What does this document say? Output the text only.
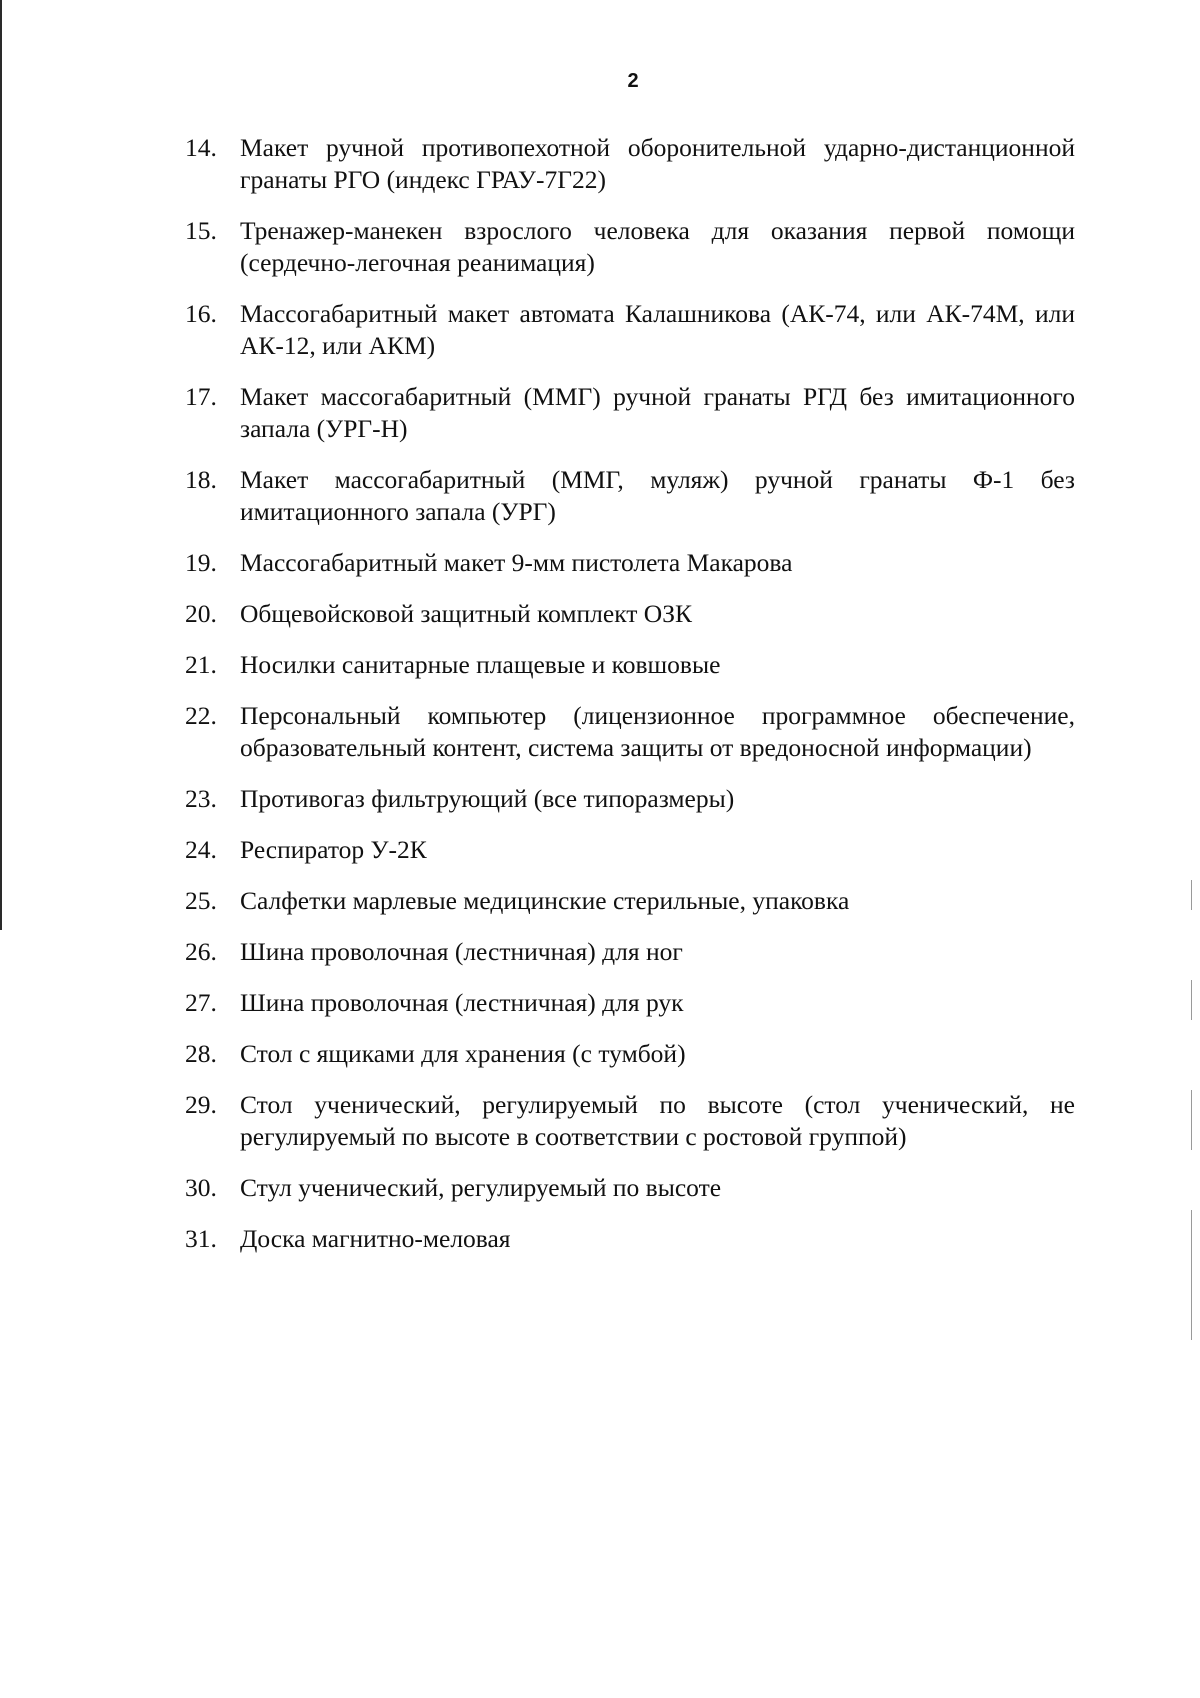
2
14. Макет ручной противопехотной оборонительной ударно-дистанционной гранаты РГО (индекс ГРАУ-7Г22)
15. Тренажер-манекен взрослого человека для оказания первой помощи (сердечно-легочная реанимация)
16. Массогабаритный макет автомата Калашникова (АК-74, или АК-74М, или АК-12, или АКМ)
17. Макет массогабаритный (ММГ) ручной гранаты РГД без имитационного запала (УРГ-Н)
18. Макет массогабаритный (ММГ, муляж) ручной гранаты Ф-1 без имитационного запала (УРГ)
19. Массогабаритный макет 9-мм пистолета Макарова
20. Общевойсковой защитный комплект ОЗК
21. Носилки санитарные плащевые и ковшовые
22. Персональный компьютер (лицензионное программное обеспечение, образовательный контент, система защиты от вредоносной информации)
23. Противогаз фильтрующий (все типоразмеры)
24. Респиратор У-2К
25. Салфетки марлевые медицинские стерильные, упаковка
26. Шина проволочная (лестничная) для ног
27. Шина проволочная (лестничная) для рук
28. Стол с ящиками для хранения (с тумбой)
29. Стол ученический, регулируемый по высоте (стол ученический, не регулируемый по высоте в соответствии с ростовой группой)
30. Стул ученический, регулируемый по высоте
31. Доска магнитно-меловая
